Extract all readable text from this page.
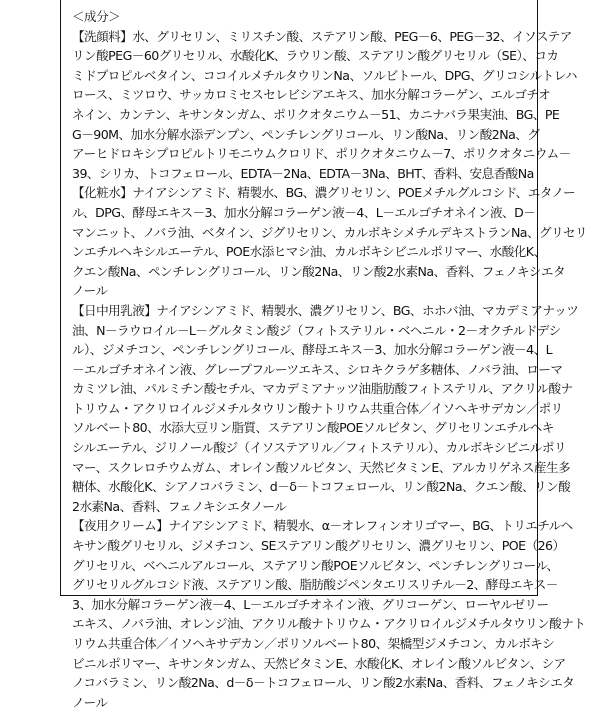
＜成分＞
【洗顔料】水、グリセリン、ミリスチン酸、ステアリン酸、PEG－6、PEG－32、イソステア
リン酸PEG－60グリセリル、水酸化K、ラウリン酸、ステアリン酸グリセリル（SE）、コカ
ミドプロピルベタイン、ココイルメチルタウリンNa、ソルビトール、DPG、グリコシルトレハ
ロース、ミツロウ、サッカロミセスセレビシアエキス、加水分解コラーゲン、エルゴチオ
ネイン、カンテン、キサンタンガム、ポリクオタニウム－51、カニナバラ果実油、BG、PE
G－90M、加水分解水添デンプン、ペンチレングリコール、リン酸Na、リン酸2Na、グ
アーヒドロキシプロピルトリモニウムクロリド、ポリクオタニウム－7、ポリクオタニウム－
39、シリカ、トコフェロール、EDTA－2Na、EDTA－3Na、BHT、香料、安息香酸Na
【化粧水】ナイアシンアミド、精製水、BG、濃グリセリン、POEメチルグルコシド、エタノー
ル、DPG、酵母エキス－3、加水分解コラーゲン液－4、L－エルゴチオネイン液、D－
マンニット、ノバラ油、ベタイン、ジグリセリン、カルボキシメチルデキストランNa、グリセリ
ンエチルヘキシルエーテル、POE水添ヒマシ油、カルボキシビニルポリマー、水酸化K、
クエン酸Na、ペンチレングリコール、リン酸2Na、リン酸2水素Na、香料、フェノキシエタ
ノール
【日中用乳液】ナイアシンアミド、精製水、濃グリセリン、BG、ホホバ油、マカデミアナッツ
油、N－ラウロイル－L－グルタミン酸ジ（フィトステリル・ベヘニル・2－オクチルドデシ
ル）、ジメチコン、ペンチレングリコール、酵母エキス－3、加水分解コラーゲン液－4、L
－エルゴチオネイン液、グレープフルーツエキス、シロキクラゲ多糖体、ノバラ油、ローマ
カミツレ油、パルミチン酸セチル、マカデミアナッツ油脂肪酸フィトステリル、アクリル酸ナ
トリウム・アクリロイルジメチルタウリン酸ナトリウム共重合体／イソヘキサデカン／ポリ
ソルベート80、水添大豆リン脂質、ステアリン酸POEソルビタン、グリセリンエチルヘキ
シルエーテル、ジリノール酸ジ（イソステアリル／フィトステリル）、カルボキシビニルポリ
マー、スクレロチウムガム、オレイン酸ソルビタン、天然ビタミンE、アルカリゲネス産生多
糖体、水酸化K、シアノコバラミン、d－δ－トコフェロール、リン酸2Na、クエン酸、リン酸
2水素Na、香料、フェノキシエタノール
【夜用クリーム】ナイアシンアミド、精製水、α－オレフィンオリゴマー、BG、トリエチルヘ
キサン酸グリセリル、ジメチコン、SEステアリン酸グリセリン、濃グリセリン、POE（26）
グリセリル、ベヘニルアルコール、ステアリン酸POEソルビタン、ペンチレングリコール、
グリセリルグルコシド液、ステアリン酸、脂肪酸ジペンタエリスリチル－2、酵母エキス－
3、加水分解コラーゲン液－4、L－エルゴチオネイン液、グリコーゲン、ローヤルゼリー
エキス、ノバラ油、オレンジ油、アクリル酸ナトリウム・アクリロイルジメチルタウリン酸ナト
リウム共重合体／イソヘキサデカン／ポリソルベート80、架橋型ジメチコン、カルボキシ
ビニルポリマー、キサンタンガム、天然ビタミンE、水酸化K、オレイン酸ソルビタン、シア
ノコバラミン、リン酸2Na、d－δ－トコフェロール、リン酸2水素Na、香料、フェノキシエタ
ノール
